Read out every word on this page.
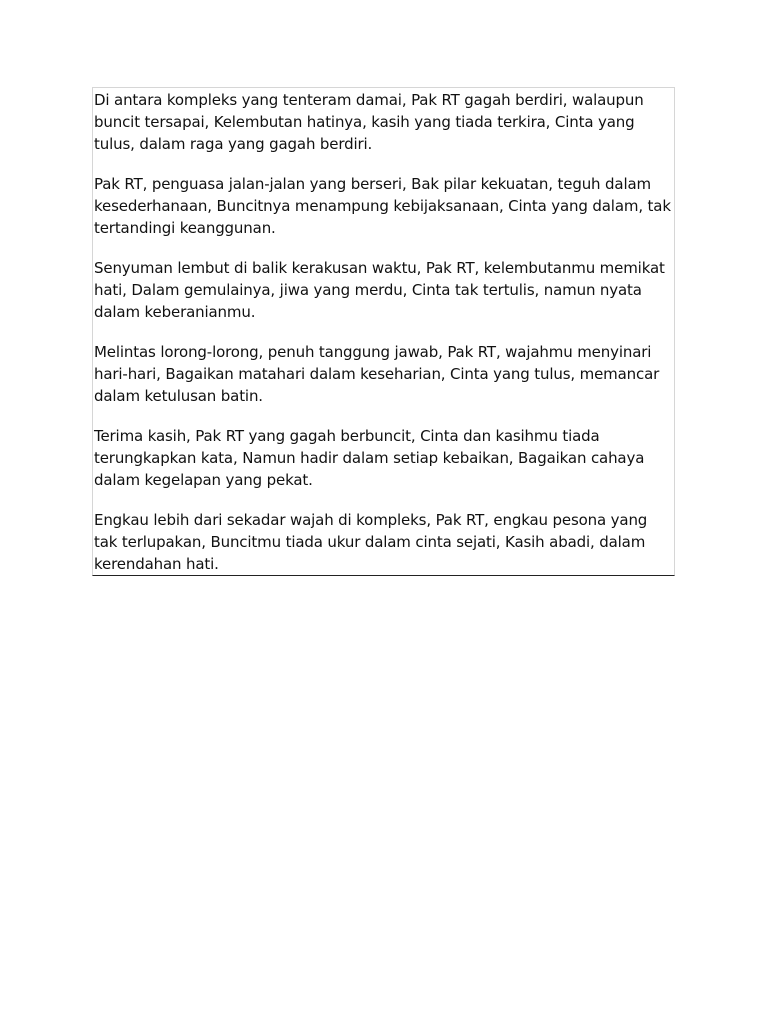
Di antara kompleks yang tenteram damai, Pak RT gagah berdiri, walaupun buncit tersapai, Kelembutan hatinya, kasih yang tiada terkira, Cinta yang tulus, dalam raga yang gagah berdiri.

Pak RT, penguasa jalan-jalan yang berseri, Bak pilar kekuatan, teguh dalam kesederhanaan, Buncitnya menampung kebijaksanaan, Cinta yang dalam, tak tertandingi keanggunan.

Senyuman lembut di balik kerakusan waktu, Pak RT, kelembutanmu memikat hati, Dalam gemulainya, jiwa yang merdu, Cinta tak tertulis, namun nyata dalam keberanianmu.

Melintas lorong-lorong, penuh tanggung jawab, Pak RT, wajahmu menyinari hari-hari, Bagaikan matahari dalam keseharian, Cinta yang tulus, memancar dalam ketulusan batin.

Terima kasih, Pak RT yang gagah berbuncit, Cinta dan kasihmu tiada terungkapkan kata, Namun hadir dalam setiap kebaikan, Bagaikan cahaya dalam kegelapan yang pekat.

Engkau lebih dari sekadar wajah di kompleks, Pak RT, engkau pesona yang tak terlupakan, Buncitmu tiada ukur dalam cinta sejati, Kasih abadi, dalam kerendahan hati.
